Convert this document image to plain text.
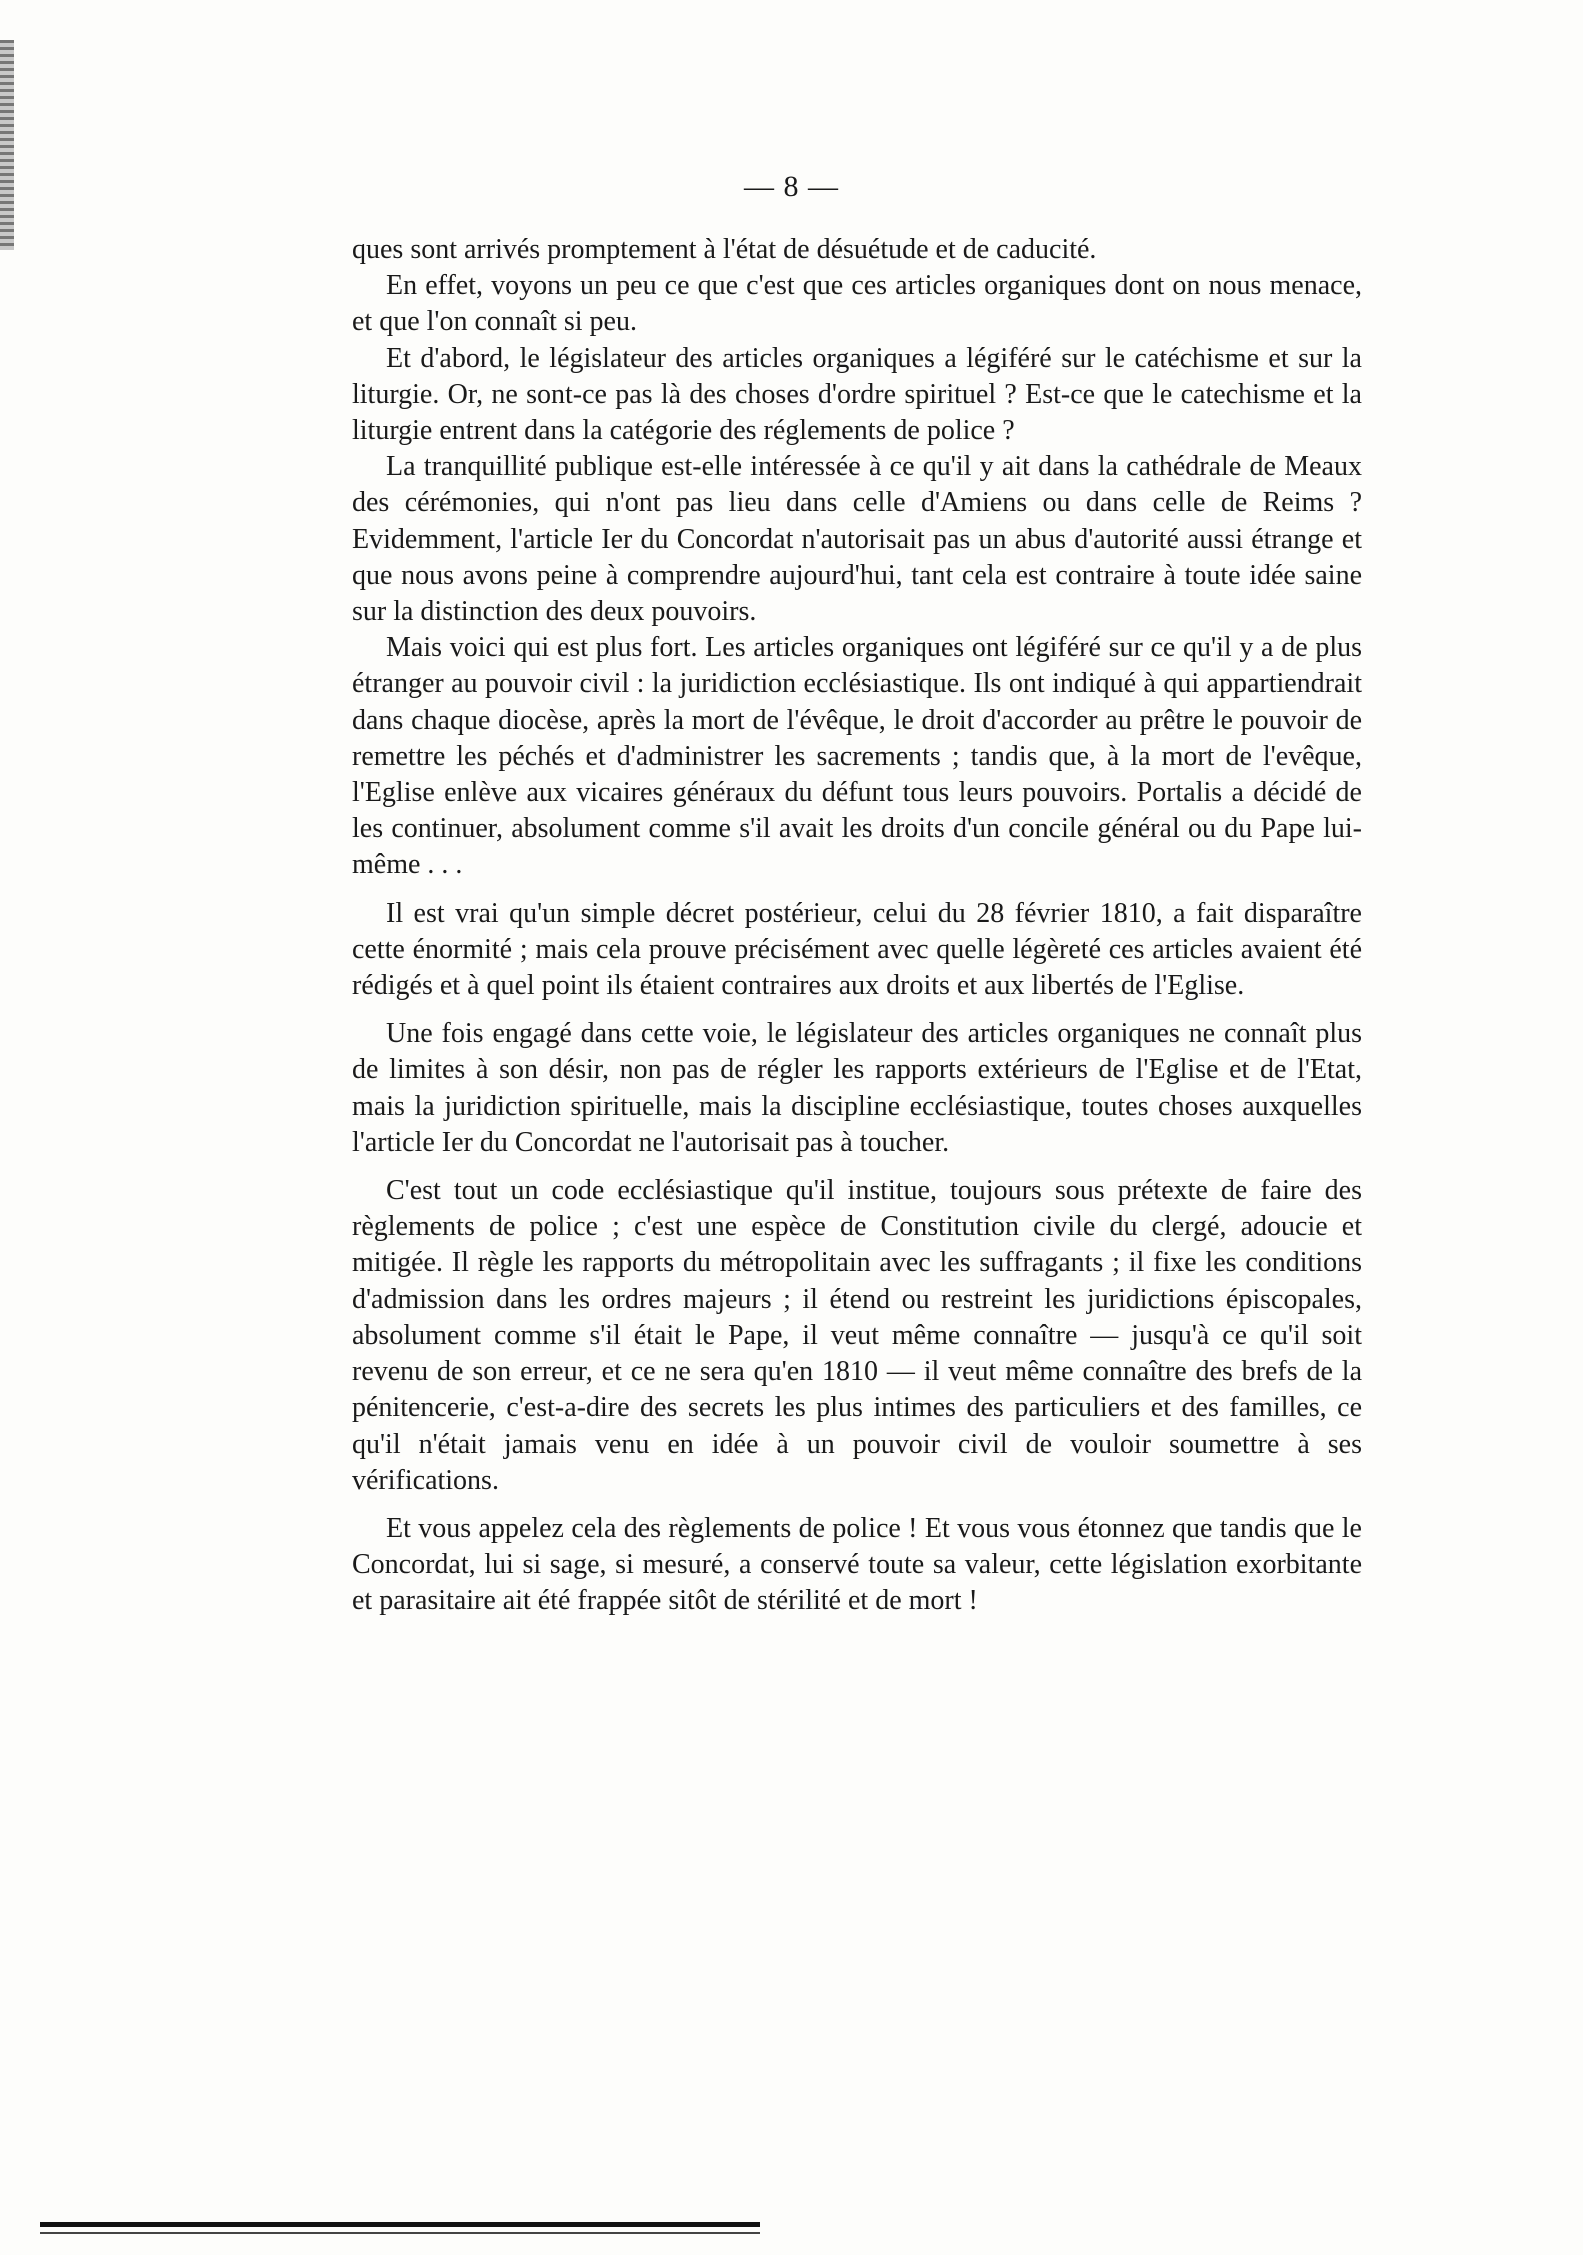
— 8 —

ques sont arrivés promptement à l'état de désuétude et de caducité.

En effet, voyons un peu ce que c'est que ces articles organiques dont on nous menace, et que l'on connaît si peu.

Et d'abord, le législateur des articles organiques a légiféré sur le catéchisme et sur la liturgie. Or, ne sont-ce pas là des choses d'ordre spirituel ? Est-ce que le catechisme et la liturgie entrent dans la catégorie des réglements de police ?

La tranquillité publique est-elle intéressée à ce qu'il y ait dans la cathédrale de Meaux des cérémonies, qui n'ont pas lieu dans celle d'Amiens ou dans celle de Reims ? Evidemment, l'article Ier du Concordat n'autorisait pas un abus d'autorité aussi étrange et que nous avons peine à comprendre aujourd'hui, tant cela est contraire à toute idée saine sur la distinction des deux pouvoirs.

Mais voici qui est plus fort. Les articles organiques ont légiféré sur ce qu'il y a de plus étranger au pouvoir civil : la juridiction ecclésiastique. Ils ont indiqué à qui appartiendrait dans chaque diocèse, après la mort de l'évêque, le droit d'accorder au prêtre le pouvoir de remettre les péchés et d'administrer les sacrements ; tandis que, à la mort de l'evêque, l'Eglise enlève aux vicaires généraux du défunt tous leurs pouvoirs. Portalis a décidé de les continuer, absolument comme s'il avait les droits d'un concile général ou du Pape lui-même . . .

Il est vrai qu'un simple décret postérieur, celui du 28 février 1810, a fait disparaître cette énormité ; mais cela prouve précisément avec quelle légèreté ces articles avaient été rédigés et à quel point ils étaient contraires aux droits et aux libertés de l'Eglise.

Une fois engagé dans cette voie, le législateur des articles organiques ne connaît plus de limites à son désir, non pas de régler les rapports extérieurs de l'Eglise et de l'Etat, mais la juridiction spirituelle, mais la discipline ecclésiastique, toutes choses auxquelles l'article Ier du Concordat ne l'autorisait pas à toucher.

C'est tout un code ecclésiastique qu'il institue, toujours sous prétexte de faire des règlements de police ; c'est une espèce de Constitution civile du clergé, adoucie et mitigée. Il règle les rapports du métropolitain avec les suffragants ; il fixe les conditions d'admission dans les ordres majeurs ; il étend ou restreint les juridictions épiscopales, absolument comme s'il était le Pape, il veut même connaître — jusqu'à ce qu'il soit revenu de son erreur, et ce ne sera qu'en 1810 — il veut même connaître des brefs de la pénitencerie, c'est-a-dire des secrets les plus intimes des particuliers et des familles, ce qu'il n'était jamais venu en idée à un pouvoir civil de vouloir soumettre à ses vérifications.

Et vous appelez cela des règlements de police ! Et vous vous étonnez que tandis que le Concordat, lui si sage, si mesuré, a conservé toute sa valeur, cette législation exorbitante et parasitaire ait été frappée sitôt de stérilité et de mort !
